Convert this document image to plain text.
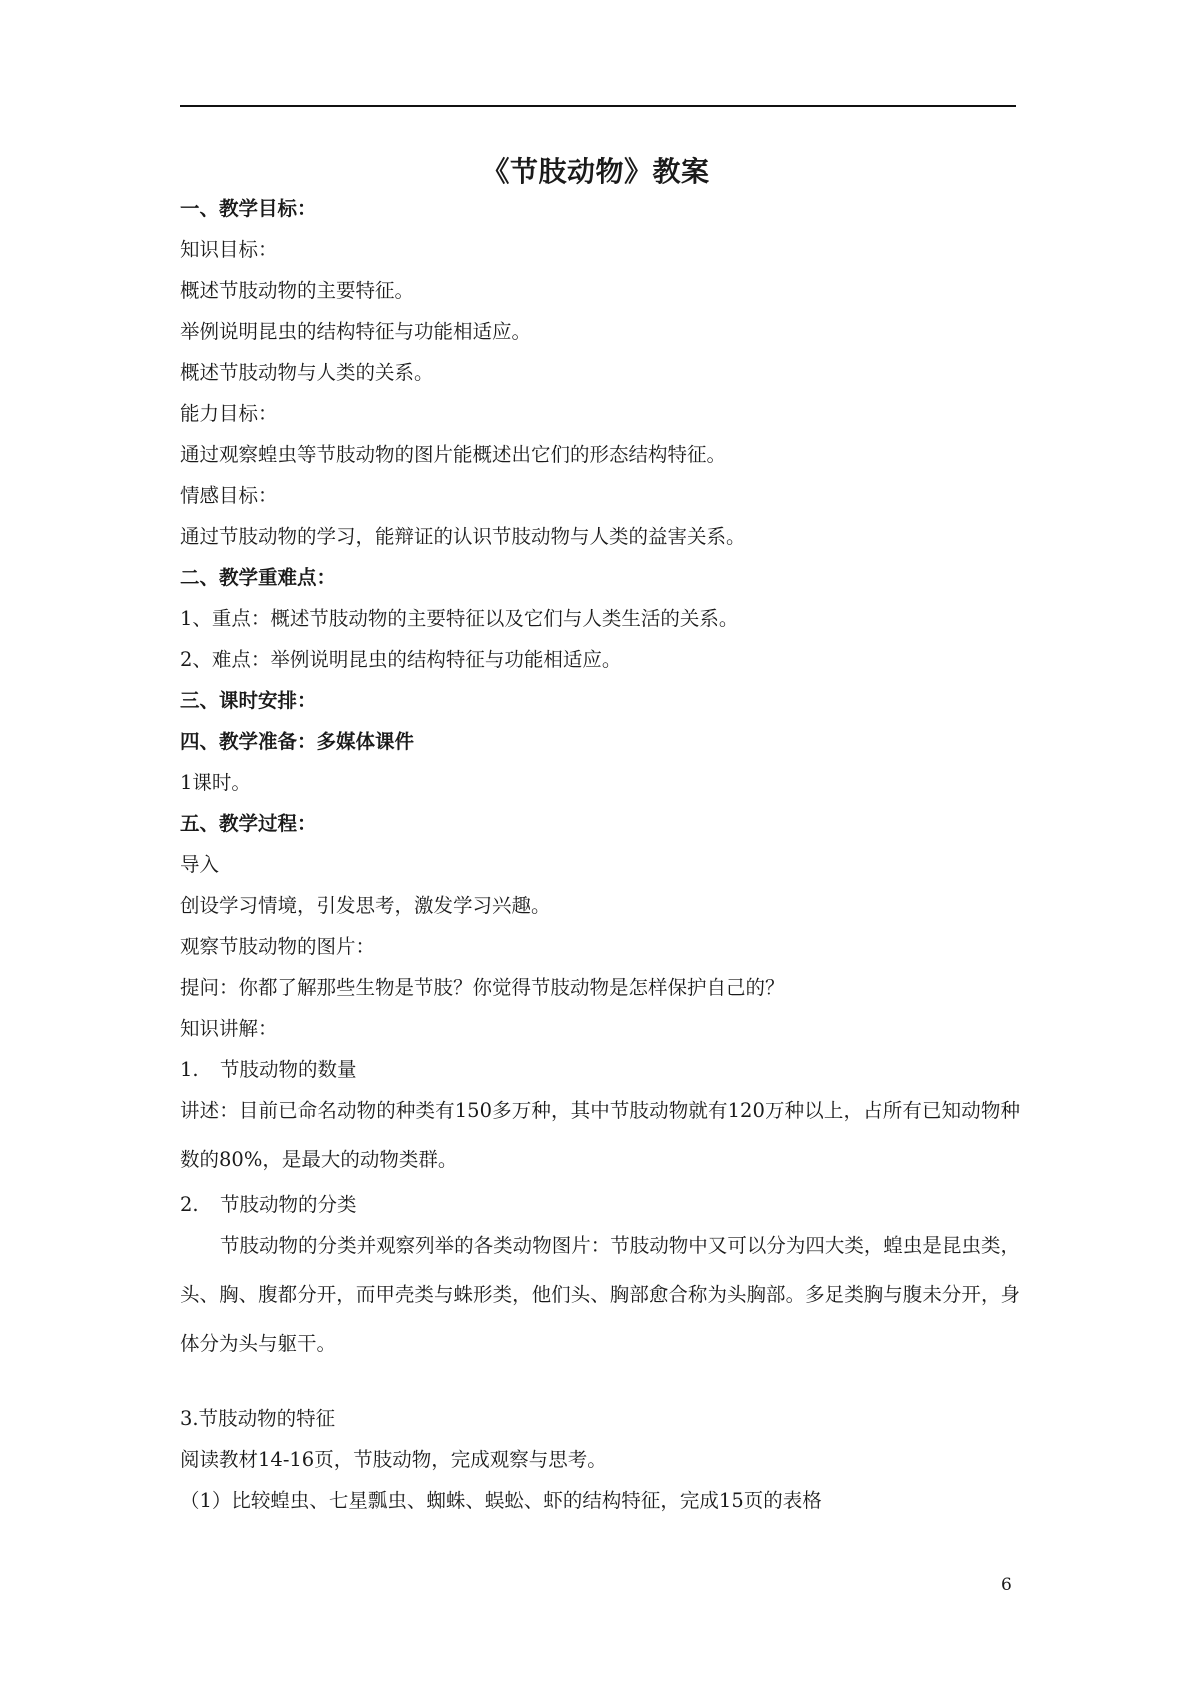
《节肢动物》教案
一、教学目标：
知识目标：
概述节肢动物的主要特征。
举例说明昆虫的结构特征与功能相适应。
概述节肢动物与人类的关系。
能力目标：
通过观察蝗虫等节肢动物的图片能概述出它们的形态结构特征。
情感目标：
通过节肢动物的学习，能辩证的认识节肢动物与人类的益害关系。
二、教学重难点：
1、重点：概述节肢动物的主要特征以及它们与人类生活的关系。
2、难点：举例说明昆虫的结构特征与功能相适应。
三、课时安排：
四、教学准备：多媒体课件
1课时。
五、教学过程：
导入
创设学习情境，引发思考，激发学习兴趣。
观察节肢动物的图片：
提问：你都了解那些生物是节肢？你觉得节肢动物是怎样保护自己的？
知识讲解：
1. 节肢动物的数量
讲述：目前已命名动物的种类有150多万种，其中节肢动物就有120万种以上，占所有已知动物种数的80%，是最大的动物类群。
2. 节肢动物的分类
节肢动物的分类并观察列举的各类动物图片：节肢动物中又可以分为四大类，蝗虫是昆虫类，头、胸、腹都分开，而甲壳类与蛛形类，他们头、胸部愈合称为头胸部。多足类胸与腹未分开，身体分为头与躯干。
3.节肢动物的特征
阅读教材14-16页，节肢动物，完成观察与思考。
（1）比较蝗虫、七星瓢虫、蜘蛛、蜈蚣、虾的结构特征，完成15页的表格
6
